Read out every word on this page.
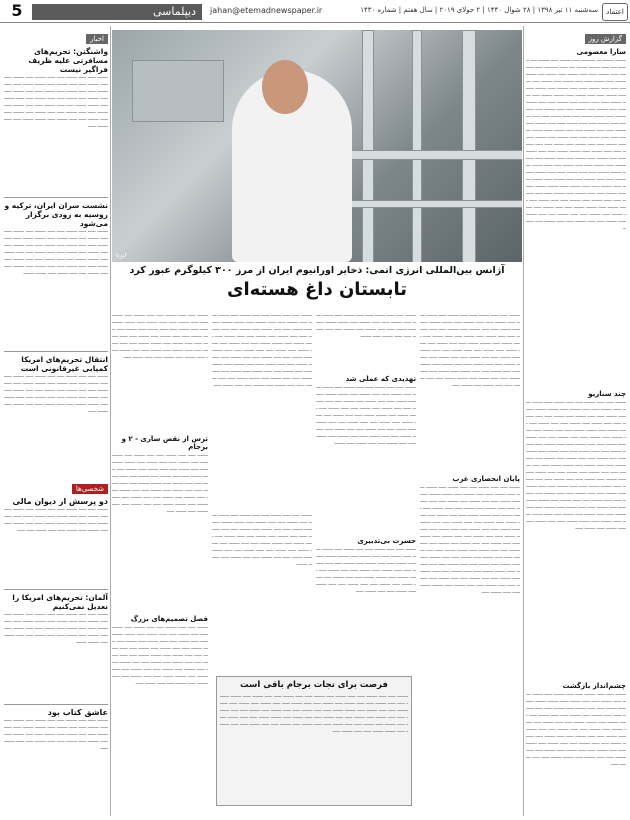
5	دیپلماسی	jahan@etemadnewspaper.ir	سه‌شنبه ۱۱ تیر ۱۳۹۸ | ۲۸ شوال ۱۴۴۰ | ۲ جولای ۲۰۱۹ | سال هفتم | شماره ۱۴۳۰	اعتماد
گزارش روز
سارا معصومی
ـــــــ ـــــــ ـــ ـــــــــ ـــــ ـــــــ ـــــ ـــــــ ــــ ـــــــ ــــ ـــــ ـــــــ ـــــــ ــــ ـــــ ـــــــــ ـــــ ـــــــــ ـــــ ـــــــ ـــــ ـــــ ـــــــ ـــــ ـــــــ ــــ ـــــــ ـــــــ ـــــ ـــــــ ـــــ ـــــ ـــــــ ـــــ ـــــــ ـــــ ـــــــ ـــــ ـــــ ـــــــ ـــــ ـــــ ـــــــ ـــــ ـــــــ ـــــ ـــــ ـــــــ ـــــ ـــــ ـــــــ ـــــ ـــــــ ـــــــ ـــــ ـــــ ـــــــ ـــــ ـــــ ـــــــ ـــــ ـــــــ ـــــ ـــــ ـــــــ ـــــ ـــــ ـــــــ ـــــ ـــــــ ـــــ ـــــ ـــــــ ـــــ ـــــ ـــــــ ـــــ ـــــــ ـــــــ ـــــ ـــــ ـــــــ ـــــ ـــــ ـــــــ ـــــ ـــــــ ـــــ ـــــ ـــــــ ـــــ ـــــ ـــــــ ـــــ ـــــــ ـــــ ـــــ ـــــــ ـــــ ـــــ ـــــــ ـــــ ـــــــ ـــــــ ـــــ ـــــ ـــــــ ـــــ ـــــ ـــــــ ـــــ ـــــــ ـــــ ـــــ ـــــــ ـــــ ـــــ ـــــــ ـــــ ـــــــ ـــــ ـــــ ـــــــ ـــــ ـــــ ـــــــ ـــــ ـــــــ ـــــــ ـــــ ـــــ ـــــــ ـــــ ـــــ ـــــــ ـــــ ـــــــ ـــــ ـــــ ـــــــ ـــــ ـــــ ـــــــ ـــــ ـــــــ ـــــ ـــــ ـــــــ ـــــ ـــــ ـــــــ ـــــ ـــــــ ـــــــ ـــــ ـــــ ـــــــ ـــــ ـــــ ـــــــ ـــــ ـــــــ ـــــ ـــــ ـــــــ ـــــ ـــــ ـــــــ ـــــ ـــــــ ـــــ ـــــ ـــــــ ـــــ ـــــ ـــــــ ـــــ ـــــــ ـــــــ ـــــ ـــــ ـــــــ ـــــ ـــــ ـــــــ ـــــ ـــــــ ـــــ ـــــ ـــــــ ـــــ ـــــ ـــــــ ـــــ ـــــــ ـــــ ـــــ ـــــــ ـــــ ـــــ ـــــــ ـــــ ـــــــ ـــــــ ـــــ ـــــ ـــــــ ـــــ ـــــ ـــــــ ـــــ ـــــــ ـــــ ـــــ ـــــــ ـــــ ـــــ ـــــــ ـــــ ـــــــ ـــــ ـــــ ـــــــ ـــــ ـــــ ـــــــ ـــــ ـــــــ
چند سناریو
ـــــــ ـــــ ـــــ ـــــــ ـــــ ـــــ ـــــــ ـــــ ـــــــ ـــــ ـــــ ـــــــ ـــــ ـــــ ـــــــ ـــــ ـــــــ ـــــــ ـــــ ـــــ ـــــــ ـــــ ـــــ ـــــــ ـــــ ـــــــ ـــــ ـــــ ـــــــ ـــــ ـــــ ـــــــ ـــــ ـــــــ ـــــ ـــــ ـــــــ ـــــ ـــــ ـــــــ ـــــ ـــــــ ـــــــ ـــــ ـــــ ـــــــ ـــــ ـــــ ـــــــ ـــــ ـــــــ ـــــ ـــــ ـــــــ ـــــ ـــــ ـــــــ ـــــ ـــــــ ـــــ ـــــ ـــــــ ـــــ ـــــ ـــــــ ـــــ ـــــــ ـــــــ ـــــ ـــــ ـــــــ ـــــ ـــــ ـــــــ ـــــ ـــــــ ـــــ ـــــ ـــــــ ـــــ ـــــ ـــــــ ـــــ ـــــــ ـــــ ـــــ ـــــــ ـــــ ـــــ ـــــــ ـــــ ـــــــ ـــــــ ـــــ ـــــ ـــــــ ـــــ ـــــ ـــــــ ـــــ ـــــــ ـــــ ـــــ ـــــــ ـــــ ـــــ ـــــــ ـــــ ـــــــ ـــــ ـــــ ـــــــ ـــــ ـــــ ـــــــ ـــــ ـــــــ ـــــــ ـــــ ـــــ ـــــــ ـــــ ـــــ ـــــــ ـــــ ـــــــ ـــــ ـــــ ـــــــ ـــــ ـــــ ـــــــ ـــــ ـــــــ ـــــ ـــــ ـــــــ ـــــ ـــــ ـــــــ ـــــ ـــــــ ـــــــ ـــــ ـــــ ـــــــ ـــــ ـــــ ـــــــ ـــــ ـــــــ ـــــ ـــــ ـــــــ ـــــ ـــــ ـــــــ ـــــ ـــــــ ـــــ ـــــ ـــــــ ـــــ ـــــ ـــــــ ـــــ ـــــــ ـــــــ ـــــ ـــــ ـــــــ ـــــ ـــــ ـــــــ ـــــ ـــــــ ـــــ
چشم‌انداز بازگشت
ـــــــ ـــــ ـــــ ـــــــ ـــــ ـــــ ـــــــ ـــــ ـــــــ ـــــ ـــــ ـــــــ ـــــ ـــــ ـــــــ ـــــ ـــــــ ـــــــ ـــــ ـــــ ـــــــ ـــــ ـــــ ـــــــ ـــــ ـــــــ ـــــ ـــــ ـــــــ ـــــ ـــــ ـــــــ ـــــ ـــــــ ـــــ ـــــ ـــــــ ـــــ ـــــ ـــــــ ـــــ ـــــــ ـــــــ ـــــ ـــــ ـــــــ ـــــ ـــــ ـــــــ ـــــ ـــــــ ـــــ ـــــ ـــــــ ـــــ ـــــ ـــــــ ـــــ ـــــــ ـــــ ـــــ ـــــــ ـــــ ـــــ ـــــــ ـــــ ـــــــ ـــــــ ـــــ ـــــ ـــــــ ـــــ ـــــ ـــــــ ـــــ ـــــــ ـــــ ـــــ ـــــــ ـــــ ـــــ ـــــــ ـــــ ـــــــ ـــــ ـــــ ـــــــ ـــــ ـــــ ـــــــ ـــــ ـــــــ ـــــــ ـــــ ـــــ ـــــــ ـــــ
ایرنا
آژانس بین‌المللی انرژی اتمی: ذخایر اورانیوم ایران از مرز ۳۰۰ کیلوگرم عبور کرد
تابستان داغ هسته‌ای
ـــــــ ـــــ ـــــ ـــــــ ـــــ ـــــ ـــــــ ـــــ ـــــــ ـــــ ـــــ ـــــــ ـــــ ـــــ ـــــــ ـــــ ـــــــ ـــــــ ـــــ ـــــ ـــــــ ـــــ ـــــ ـــــــ ـــــ ـــــــ ـــــ ـــــ ـــــــ ـــــ ـــــ ـــــــ ـــــ ـــــــ ـــــ ـــــ ـــــــ ـــــ ـــــ ـــــــ ـــــ ـــــــ ـــــــ ـــــ ـــــ ـــــــ ـــــ ـــــ ـــــــ ـــــ ـــــــ ـــــ ـــــ ـــــــ ـــــ ـــــ ـــــــ ـــــ ـــــــ ـــــ ـــــ ـــــــ ـــــ ـــــ ـــــــ ـــــ ـــــــ ـــــــ ـــــ ـــــ ـــــــ ـــــ ـــــ ـــــــ ـــــ ـــــــ ـــــ ـــــ ـــــــ ـــــ ـــــ ـــــــ ـــــ ـــــــ ـــــ ـــــ ـــــــ ـــــ ـــــ ـــــــ ـــــ ـــــــ ـــــــ ـــــ ـــــ ـــــــ ـــــ ـــــ ـــــــ ـــــ ـــــــ ـــــ
پایان انحصاری غرب
ـــــــ ـــــ ـــــ ـــــــ ـــــ ـــــ ـــــــ ـــــ ـــــــ ـــــ ـــــ ـــــــ ـــــ ـــــ ـــــــ ـــــ ـــــــ ـــــــ ـــــ ـــــ ـــــــ ـــــ ـــــ ـــــــ ـــــ ـــــــ ـــــ ـــــ ـــــــ ـــــ ـــــ ـــــــ ـــــ ـــــــ ـــــ ـــــ ـــــــ ـــــ ـــــ ـــــــ ـــــ ـــــــ ـــــــ ـــــ ـــــ ـــــــ ـــــ ـــــ ـــــــ ـــــ ـــــــ ـــــ ـــــ ـــــــ ـــــ ـــــ ـــــــ ـــــ ـــــــ ـــــ ـــــ ـــــــ ـــــ ـــــ ـــــــ ـــــ ـــــــ ـــــــ ـــــ ـــــ ـــــــ ـــــ ـــــ ـــــــ ـــــ ـــــــ ـــــ ـــــ ـــــــ ـــــ ـــــ ـــــــ ـــــ ـــــــ ـــــ ـــــ ـــــــ ـــــ ـــــ ـــــــ ـــــ ـــــــ ـــــــ ـــــ ـــــ ـــــــ ـــــ ـــــ ـــــــ ـــــ ـــــــ ـــــ ـــــ ـــــــ ـــــ ـــــ ـــــــ ـــــ ـــــــ ـــــ ـــــ ـــــــ ـــــ ـــــ ـــــــ ـــــ ـــــــ ـــــــ ـــــ ـــــ ـــــــ ـــــ ـــــ ـــــــ ـــــ ـــــــ ـــــ ـــــ ـــــــ ـــــ ـــــ ـــــــ ـــــ ـــــــ ـــــ ـــــ ـــــــ ـــــ ـــــ ـــــــ ـــــ ـــــــ ـــــــ ـــــ ـــــ ـــــــ ـــــ
ـــــــ ـــــ ـــــ ـــــــ ـــــ ـــــ ـــــــ ـــــ ـــــــ ـــــ ـــــ ـــــــ ـــــ ـــــ ـــــــ ـــــ ـــــــ ـــــــ ـــــ ـــــ ـــــــ ـــــ ـــــ ـــــــ ـــــ ـــــــ ـــــ ـــــ ـــــــ ـــــ ـــــ ـــــــ ـــــ ـــــــ
تهدیدی که عملی شد
ـــــــ ـــــ ـــــ ـــــــ ـــــ ـــــ ـــــــ ـــــ ـــــــ ـــــ ـــــ ـــــــ ـــــ ـــــ ـــــــ ـــــ ـــــــ ـــــــ ـــــ ـــــ ـــــــ ـــــ ـــــ ـــــــ ـــــ ـــــــ ـــــ ـــــ ـــــــ ـــــ ـــــ ـــــــ ـــــ ـــــــ ـــــ ـــــ ـــــــ ـــــ ـــــ ـــــــ ـــــ ـــــــ ـــــــ ـــــ ـــــ ـــــــ ـــــ ـــــ ـــــــ ـــــ ـــــــ ـــــ ـــــ ـــــــ ـــــ ـــــ ـــــــ ـــــ ـــــــ ـــــ ـــــ ـــــــ ـــــ ـــــ ـــــــ ـــــ ـــــــ ـــــــ ـــــ ـــــ ـــــــ ـــــ ـــــ ـــــــ ـــــ ـــــــ ـــــ ـــــ ـــــــ ـــــ ـــــ ـــــــ ـــــ ـــــــ
حسرت بی‌تدبیری
ـــــــ ـــــ ـــــ ـــــــ ـــــ ـــــ ـــــــ ـــــ ـــــــ ـــــ ـــــ ـــــــ ـــــ ـــــ ـــــــ ـــــ ـــــــ ـــــــ ـــــ ـــــ ـــــــ ـــــ ـــــ ـــــــ ـــــ ـــــــ ـــــ ـــــ ـــــــ ـــــ ـــــ ـــــــ ـــــ ـــــــ ـــــ ـــــ ـــــــ ـــــ ـــــ ـــــــ ـــــ ـــــــ ـــــــ ـــــ ـــــ ـــــــ ـــــ ـــــ ـــــــ ـــــ ـــــــ ـــــ ـــــ ـــــــ ـــــ ـــــ ـــــــ ـــــ ـــــــ ـــــ ـــــ ـــــــ ـــــ
ـــــــ ـــــ ـــــ ـــــــ ـــــ ـــــ ـــــــ ـــــ ـــــــ ـــــ ـــــ ـــــــ ـــــ ـــــ ـــــــ ـــــ ـــــــ ـــــــ ـــــ ـــــ ـــــــ ـــــ ـــــ ـــــــ ـــــ ـــــــ ـــــ ـــــ ـــــــ ـــــ ـــــ ـــــــ ـــــ ـــــــ ـــــ ـــــ ـــــــ ـــــ ـــــ ـــــــ ـــــ ـــــــ ـــــــ ـــــ ـــــ ـــــــ ـــــ ـــــ ـــــــ ـــــ ـــــــ ـــــ ـــــ ـــــــ ـــــ ـــــ ـــــــ ـــــ ـــــــ ـــــ ـــــ ـــــــ ـــــ ـــــ ـــــــ ـــــ ـــــــ ـــــــ ـــــ ـــــ ـــــــ ـــــ ـــــ ـــــــ ـــــ ـــــــ ـــــ ـــــ ـــــــ ـــــ ـــــ ـــــــ ـــــ ـــــــ ـــــ ـــــ ـــــــ ـــــ ـــــ ـــــــ ـــــ ـــــــ ـــــــ ـــــ ـــــ ـــــــ ـــــ ـــــ ـــــــ ـــــ ـــــــ ـــــ ـــــ ـــــــ ـــــ
ـــــــ ـــــ ـــــ ـــــــ ـــــ ـــــ ـــــــ ـــــ ـــــــ ـــــ ـــــ ـــــــ ـــــ ـــــ ـــــــ ـــــ ـــــــ ـــــــ ـــــ ـــــ ـــــــ ـــــ ـــــ ـــــــ ـــــ ـــــــ ـــــ ـــــ ـــــــ ـــــ ـــــ ـــــــ ـــــ ـــــــ ـــــ ـــــ ـــــــ ـــــ ـــــ ـــــــ ـــــ ـــــــ ـــــــ ـــــ ـــــ ـــــــ ـــــ ـــــ ـــــــ ـــــ ـــــــ ـــــ ـــــ ـــــــ ـــــ ـــــ ـــــــ ـــــ ـــــــ ـــــ ـــــ ـــــــ ـــــ ـــــ ـــــــ ـــــ ـــــــ ـــــــ
ـــــــ ـــــ ـــــ ـــــــ ـــــ ـــــ ـــــــ ـــــ ـــــــ ـــــ ـــــ ـــــــ ـــــ ـــــ ـــــــ ـــــ ـــــــ ـــــــ ـــــ ـــــ ـــــــ ـــــ ـــــ ـــــــ ـــــ ـــــــ ـــــ ـــــ ـــــــ ـــــ ـــــ ـــــــ ـــــ ـــــــ ـــــ ـــــ ـــــــ ـــــ ـــــ ـــــــ ـــــ ـــــــ ـــــــ ـــــ ـــــ ـــــــ ـــــ ـــــ ـــــــ ـــــ ـــــــ ـــــ ـــــ ـــــــ ـــــ ـــــ ـــــــ ـــــ ـــــــ ـــــ ـــــ ـــــــ ـــــ
ترس از نقض ساری - ۲ و برجام
ـــــــ ـــــ ـــــ ـــــــ ـــــ ـــــ ـــــــ ـــــ ـــــــ ـــــ ـــــ ـــــــ ـــــ ـــــ ـــــــ ـــــ ـــــــ ـــــــ ـــــ ـــــ ـــــــ ـــــ ـــــ ـــــــ ـــــ ـــــــ ـــــ ـــــ ـــــــ ـــــ ـــــ ـــــــ ـــــ ـــــــ ـــــ ـــــ ـــــــ ـــــ ـــــ ـــــــ ـــــ ـــــــ ـــــــ ـــــ ـــــ ـــــــ ـــــ ـــــ ـــــــ ـــــ ـــــــ ـــــ ـــــ ـــــــ ـــــ ـــــ ـــــــ ـــــ ـــــــ ـــــ ـــــ ـــــــ ـــــ ـــــ ـــــــ ـــــ ـــــــ ـــــــ ـــــ ـــــ ـــــــ ـــــ ـــــ ـــــــ ـــــ ـــــــ ـــــ
فصل تصمیم‌های بزرگ
ـــــــ ـــــ ـــــ ـــــــ ـــــ ـــــ ـــــــ ـــــ ـــــــ ـــــ ـــــ ـــــــ ـــــ ـــــ ـــــــ ـــــ ـــــــ ـــــــ ـــــ ـــــ ـــــــ ـــــ ـــــ ـــــــ ـــــ ـــــــ ـــــ ـــــ ـــــــ ـــــ ـــــ ـــــــ ـــــ ـــــــ ـــــ ـــــ ـــــــ ـــــ ـــــ ـــــــ ـــــ ـــــــ ـــــــ ـــــ ـــــ ـــــــ ـــــ ـــــ ـــــــ ـــــ ـــــــ ـــــ ـــــ ـــــــ ـــــ ـــــ ـــــــ ـــــ ـــــــ ـــــ ـــــ ـــــــ ـــــ ـــــ ـــــــ ـــــ ـــــــ ـــــــ ـــــ ـــــ ـــــــ ـــــ ـــــ ـــــــ ـــــ ـــــــ ـــــ ـــــ ـــــــ ـــــ	فرصت برای نجات برجام باقی است
ـــــــ ـــــ ـــــ ـــــــ ـــــ ـــــ ـــــــ ـــــ ـــــــ ـــــ ـــــ ـــــــ ـــــ ـــــ ـــــــ ـــــ ـــــــ ـــــــ ـــــ ـــــ ـــــــ ـــــ ـــــ ـــــــ ـــــ ـــــــ ـــــ ـــــ ـــــــ ـــــ ـــــ ـــــــ ـــــ ـــــــ ـــــ ـــــ ـــــــ ـــــ ـــــ ـــــــ ـــــ ـــــــ ـــــــ ـــــ ـــــ ـــــــ ـــــ ـــــ ـــــــ ـــــ ـــــــ ـــــ ـــــ ـــــــ ـــــ ـــــ ـــــــ ـــــ ـــــــ ـــــ ـــــ ـــــــ ـــــ ـــــ ـــــــ ـــــ ـــــــ ـــــــ ـــــ ـــــ ـــــــ ـــــ ـــــ ـــــــ ـــــ ـــــــ ـــــ ـــــ ـــــــ ـــــ ـــــ ـــــــ ـــــ ـــــــ ـــــ ـــــ ـــــــ ـــــ ـــــ ـــــــ ـــــ ـــــــ ـــــــ ـــــ ـــــ ـــــــ ـــــ
اخبار
واشنگتن: تحریم‌های مسافرتی علیه ظریف فراگیر نیست
ـــــــ ـــــ ـــــ ـــــــ ـــــ ـــــ ـــــــ ـــــ ـــــــ ـــــ ـــــ ـــــــ ـــــ ـــــ ـــــــ ـــــ ـــــــ ـــــــ ـــــ ـــــ ـــــــ ـــــ ـــــ ـــــــ ـــــ ـــــــ ـــــ ـــــ ـــــــ ـــــ ـــــ ـــــــ ـــــ ـــــــ ـــــ ـــــ ـــــــ ـــــ ـــــ ـــــــ ـــــ ـــــــ ـــــــ ـــــ ـــــ ـــــــ ـــــ ـــــ ـــــــ ـــــ ـــــــ ـــــ ـــــ ـــــــ ـــــ ـــــ ـــــــ ـــــ ـــــــ ـــــ ـــــ ـــــــ ـــــ ـــــ ـــــــ ـــــ ـــــــ ـــــــ ـــــ ـــــ ـــــــ ـــــ
نشست سران ایران، ترکیه و روسیه به زودی برگزار می‌شود
ـــــــ ـــــ ـــــ ـــــــ ـــــ ـــــ ـــــــ ـــــ ـــــــ ـــــ ـــــ ـــــــ ـــــ ـــــ ـــــــ ـــــ ـــــــ ـــــــ ـــــ ـــــ ـــــــ ـــــ ـــــ ـــــــ ـــــ ـــــــ ـــــ ـــــ ـــــــ ـــــ ـــــ ـــــــ ـــــ ـــــــ ـــــ ـــــ ـــــــ ـــــ ـــــ ـــــــ ـــــ ـــــــ ـــــــ ـــــ ـــــ ـــــــ ـــــ ـــــ ـــــــ ـــــ ـــــــ ـــــ ـــــ ـــــــ ـــــ ـــــ ـــــــ ـــــ ـــــــ ـــــ ـــــ ـــــــ ـــــ ـــــ ـــــــ ـــــ ـــــــ ـــــــ
انتقال تحریم‌های امریکا کمیابی غیرقانونی است
ـــــــ ـــــ ـــــ ـــــــ ـــــ ـــــ ـــــــ ـــــ ـــــــ ـــــ ـــــ ـــــــ ـــــ ـــــ ـــــــ ـــــ ـــــــ ـــــــ ـــــ ـــــ ـــــــ ـــــ ـــــ ـــــــ ـــــ ـــــــ ـــــ ـــــ ـــــــ ـــــ ـــــ ـــــــ ـــــ ـــــــ ـــــ ـــــ ـــــــ ـــــ ـــــ ـــــــ ـــــ ـــــــ ـــــــ ـــــ ـــــ ـــــــ ـــــ ـــــ ـــــــ ـــــ ـــــــ ـــــ
شخصی‌ها
دو پرسش از دیوان مالی
ـــــــ ـــــ ـــــ ـــــــ ـــــ ـــــ ـــــــ ـــــ ـــــــ ـــــ ـــــ ـــــــ ـــــ ـــــ ـــــــ ـــــ ـــــــ ـــــــ ـــــ ـــــ ـــــــ ـــــ ـــــ ـــــــ ـــــ ـــــــ ـــــ ـــــ ـــــــ ـــــ ـــــ ـــــــ ـــــ ـــــــ ـــــ ـــــ ـــــــ ـــــ ـــــ
آلمان: تحریم‌های امریکا را تعدیل نمی‌کنیم
ـــــــ ـــــ ـــــ ـــــــ ـــــ ـــــ ـــــــ ـــــ ـــــــ ـــــ ـــــ ـــــــ ـــــ ـــــ ـــــــ ـــــ ـــــــ ـــــــ ـــــ ـــــ ـــــــ ـــــ ـــــ ـــــــ ـــــ ـــــــ ـــــ ـــــ ـــــــ ـــــ ـــــ ـــــــ ـــــ ـــــــ ـــــ ـــــ ـــــــ ـــــ ـــــ ـــــــ ـــــ ـــــــ ـــــــ
عاشق کتاب بود
ـــــــ ـــــ ـــــ ـــــــ ـــــ ـــــ ـــــــ ـــــ ـــــــ ـــــ ـــــ ـــــــ ـــــ ـــــ ـــــــ ـــــ ـــــــ ـــــــ ـــــ ـــــ ـــــــ ـــــ ـــــ ـــــــ ـــــ ـــــــ ـــــ ـــــ ـــــــ ـــــ ـــــ ـــــــ ـــــ ـــــــ ـــــ ـــــ ـــــــ ـــــ ـــــ ـــــــ ـــــ
